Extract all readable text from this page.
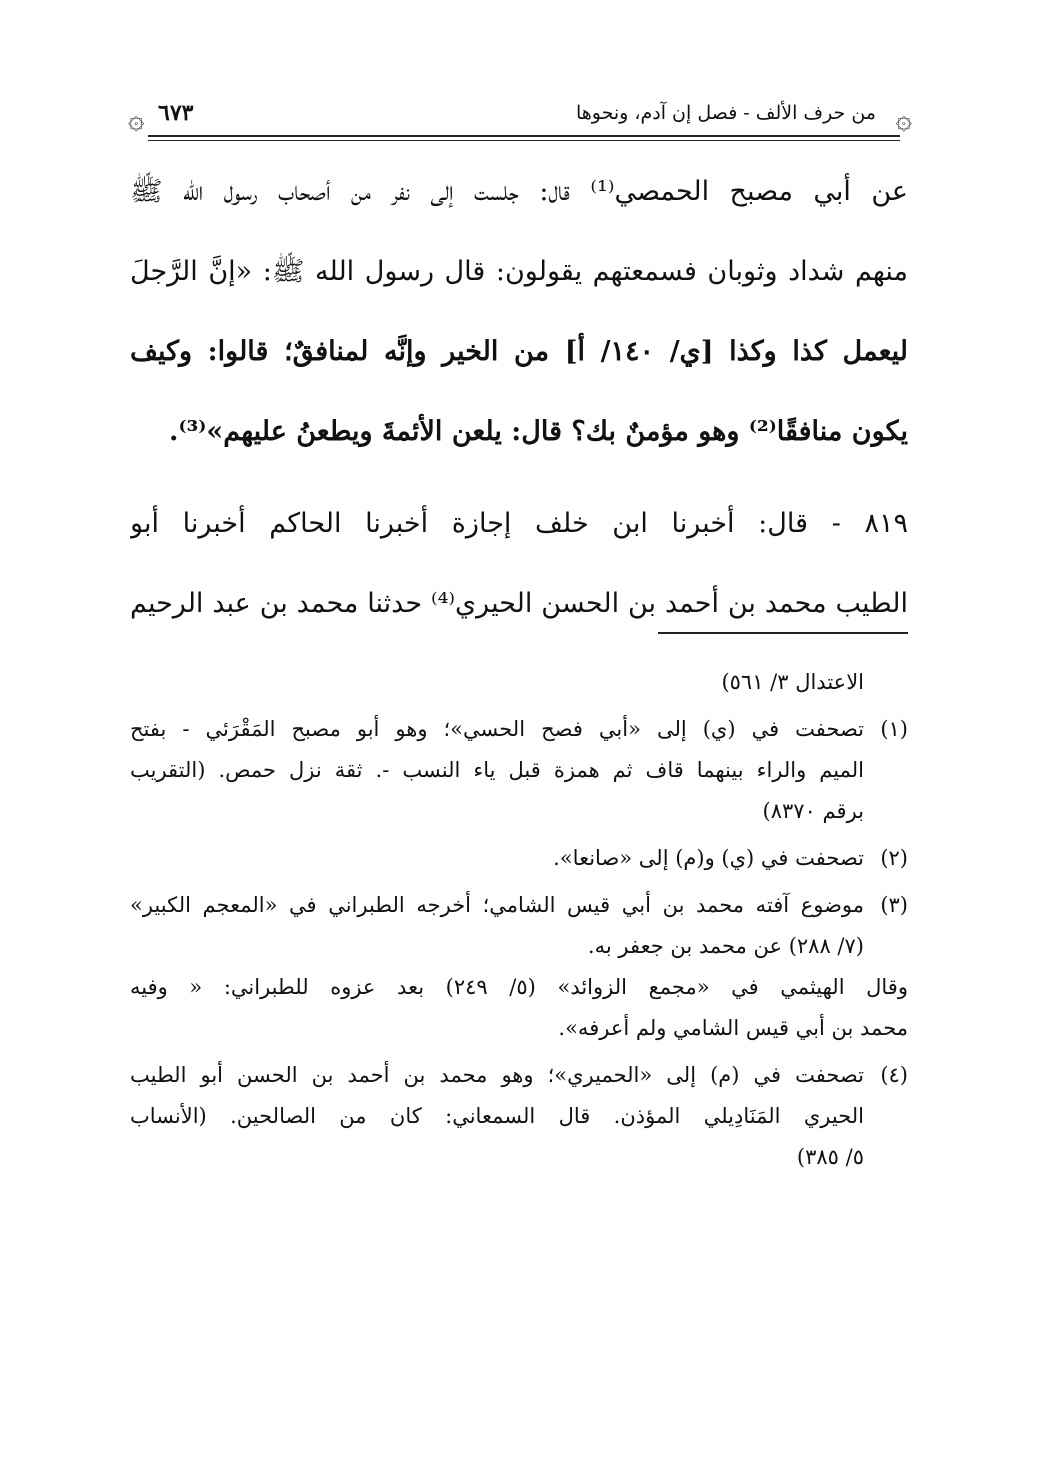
۞
من حرف الألف - فصل إن آدم، ونحوها
٦٧٣
۞
عن أبي مصبح الحمصي⁽¹⁾ قال: جلست إلى نفر من أصحاب رسول الله ﷺ
منهم شداد وثوبان فسمعتهم يقولون: قال رسول الله ﷺ: «إنَّ الرَّجلَ
ليعمل كذا وكذا [ي/ ١٤٠/ أ] من الخير وإنَّه لمنافقٌ؛ قالوا: وكيف
يكون منافقًا⁽²⁾ وهو مؤمنٌ بك؟ قال: يلعن الأئمةَ ويطعنُ عليهم»⁽³⁾.
٨١٩ - قال: أخبرنا ابن خلف إجازة أخبرنا الحاكم أخبرنا أبو
الطيب محمد بن أحمد بن الحسن الحيري⁽⁴⁾ حدثنا محمد بن عبد الرحيم
الاعتدال ٣/ ٥٦١)
(١)
تصحفت في (ي) إلى «أبي فصح الحسي»؛ وهو أبو مصبح المَقْرَئي - بفتح
الميم والراء بينهما قاف ثم همزة قبل ياء النسب -. ثقة نزل حمص. (التقريب
برقم ٨٣٧٠)
(٢)
تصحفت في (ي) و(م) إلى «صانعا».
(٣)
موضوع آفته محمد بن أبي قيس الشامي؛ أخرجه الطبراني في «المعجم الكبير»
(٧/ ٢٨٨) عن محمد بن جعفر به.
وقال الهيثمي في «مجمع الزوائد» (٥/ ٢٤٩) بعد عزوه للطبراني: « وفيه
محمد بن أبي قيس الشامي ولم أعرفه».
(٤)
تصحفت في (م) إلى «الحميري»؛ وهو محمد بن أحمد بن الحسن أبو الطيب
الحيري المَنَادِيلي المؤذن. قال السمعاني: كان من الصالحين. (الأنساب
٥/ ٣٨٥)
